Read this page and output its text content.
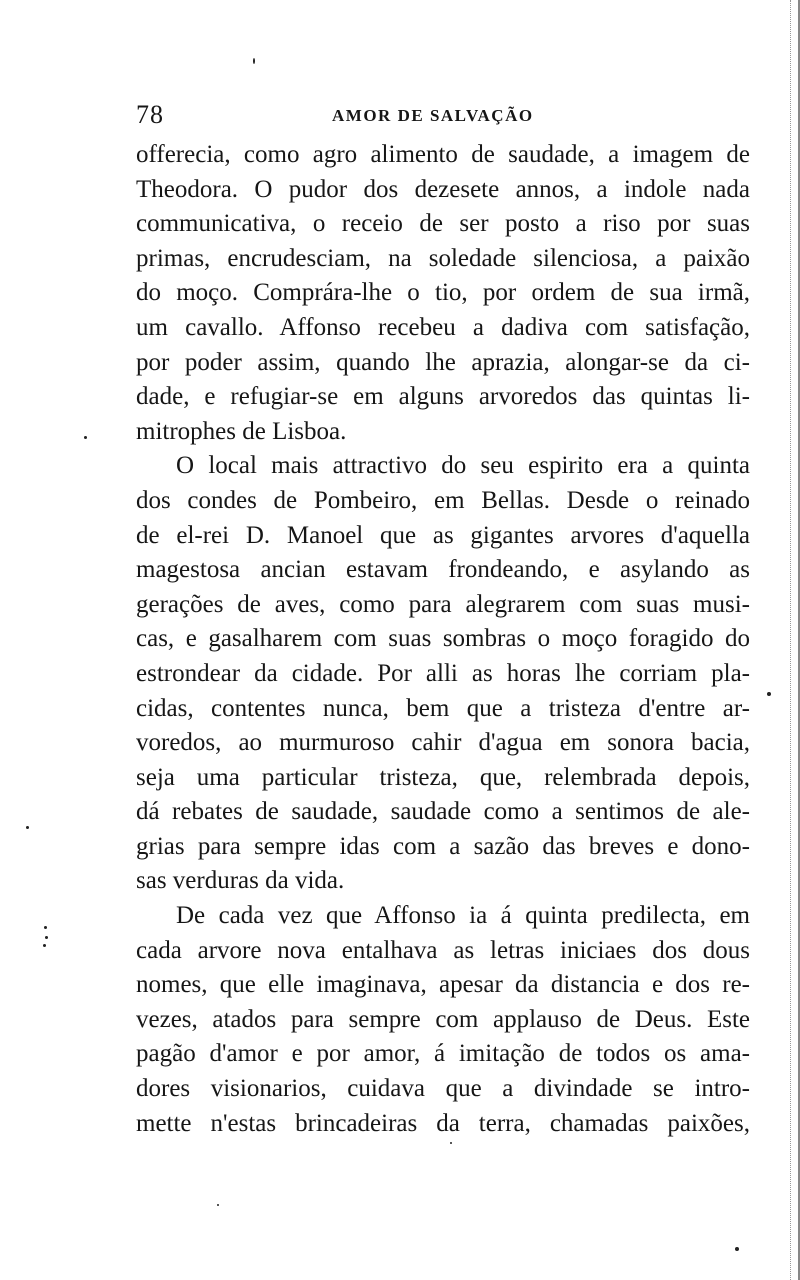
78	AMOR DE SALVAÇÃO
offerecia, como agro alimento de saudade, a imagem de
Theodora. O pudor dos dezesete annos, a indole nada
communicativa, o receio de ser posto a riso por suas
primas, encrudesciam, na soledade silenciosa, a paixão
do moço. Comprára-lhe o tio, por ordem de sua irmã,
um cavallo. Affonso recebeu a dadiva com satisfação,
por poder assim, quando lhe aprazia, alongar-se da ci-
dade, e refugiar-se em alguns arvoredos das quintas li-
mitrophes de Lisboa.
O local mais attractivo do seu espirito era a quinta
dos condes de Pombeiro, em Bellas. Desde o reinado
de el-rei D. Manoel que as gigantes arvores d'aquella
magestosa ancian estavam frondeando, e asylando as
gerações de aves, como para alegrarem com suas musi-
cas, e gasalharem com suas sombras o moço foragido do
estrondear da cidade. Por alli as horas lhe corriam pla-
cidas, contentes nunca, bem que a tristeza d'entre ar-
voredos, ao murmuroso cahir d'agua em sonora bacia,
seja uma particular tristeza, que, relembrada depois,
dá rebates de saudade, saudade como a sentimos de ale-
grias para sempre idas com a sazão das breves e dono-
sas verduras da vida.
De cada vez que Affonso ia á quinta predilecta, em
cada arvore nova entalhava as letras iniciaes dos dous
nomes, que elle imaginava, apesar da distancia e dos re-
vezes, atados para sempre com applauso de Deus. Este
pagão d'amor e por amor, á imitação de todos os ama-
dores visionarios, cuidava que a divindade se intro-
mette n'estas brincadeiras da terra, chamadas paixões,
